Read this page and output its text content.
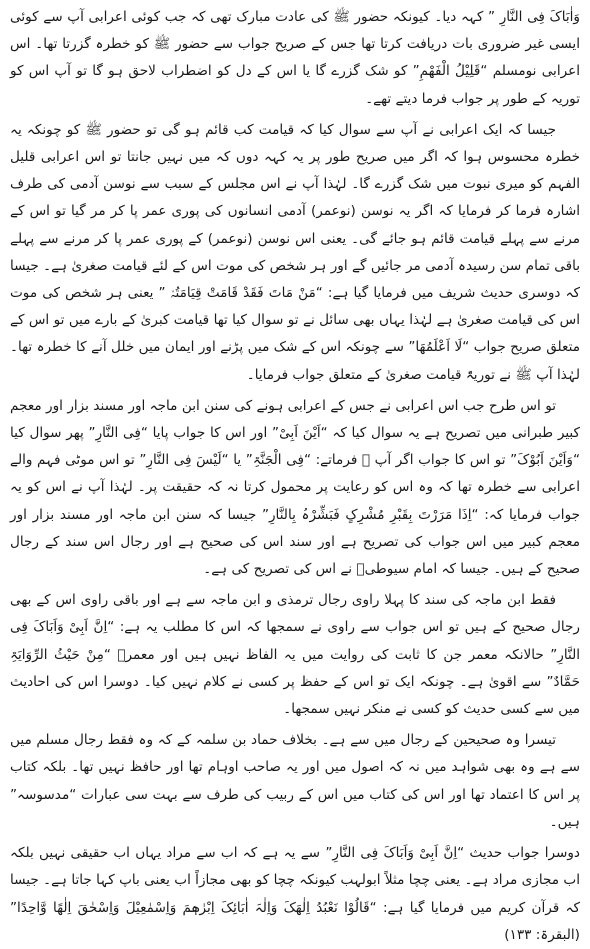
وَاٰبَاکَ فِی النَّارِ ” کہہ دیا۔ کیونکہ حضور ﷺ کی عادت مبارک تھی کہ جب کوئی اعرابی آپ سے کوئی ایسی غیر ضروری بات دریافت کرتا تھا جس کے صریح جواب سے حضور ﷺ کو خطرہ گزرتا تھا۔ اس اعرابی نومسلم “قَلِیْلُ الْفَھْمِ” کو شک گزرے گا یا اس کے دل کو اضطراب لاحق ہو گا تو آپ اس کو توریہ کے طور پر جواب فرما دیتے تھے۔

جیسا کہ ایک اعرابی نے آپ سے سوال کیا کہ قیامت کب قائم ہو گی تو حضور ﷺ کو چونکہ یہ خطرہ محسوس ہوا کہ اگر میں صریح طور پر یہ کہہ دوں کہ میں نہیں جانتا تو اس اعرابی قلیل الفہم کو میری نبوت میں شک گزرے گا۔ لہٰذا آپ نے اس مجلس کے سبب سے نوسن آدمی کی طرف اشارہ فرما کر فرمایا کہ اگر یہ نوسن (نوعمر) آدمی انسانوں کی پوری عمر پا کر مر گیا تو اس کے مرنے سے پہلے قیامت قائم ہو جائے گی۔ یعنی اس نوسن (نوعمر) کے پوری عمر پا کر مرنے سے پہلے باقی تمام سن رسیدہ آدمی مر جائیں گے اور ہر شخص کی موت اس کے لئے قیامت صغریٰ ہے۔ جیسا کہ دوسری حدیث شریف میں فرمایا گیا ہے: “مَنْ مَاتَ فَقَدْ قَامَتْ قِیَامَتُہٗ ” یعنی ہر شخص کی موت اس کی قیامت صغریٰ ہے لہٰذا یہاں بھی سائل نے تو سوال کیا تھا قیامت کبریٰ کے بارے میں تو اس کے متعلق صریح جواب “لَا اَعْلَمُھَا” سے چونکہ اس کے شک میں پڑنے اور ایمان میں خلل آنے کا خطرہ تھا۔ لہٰذا آپ ﷺ نے توریۃً قیامت صغریٰ کے متعلق جواب فرمایا۔

تو اس طرح جب اس اعرابی نے جس کے اعرابی ہونے کی سنن ابن ماجہ اور مسند بزار اور معجم کبیر طبرانی میں تصریح ہے یہ سوال کیا کہ “اَیْنَ اَبِیْ” اور اس کا جواب پایا “فِی النَّارِ” پھر سوال کیا “وَاَیْنَ اَبُوْکَ” تو اس کا جواب اگر آپ ﷺ فرماتے: “فِی الْجَنَّۃِ” یا “لَیْسَ فِی النَّارِ” تو اس موٹی فہم والے اعرابی سے خطرہ تھا کہ وہ اس کو رعایت پر محمول کرتا نہ کہ حقیقت پر۔ لہٰذا آپ نے اس کو یہ جواب فرمایا کہ: “اِذَا مَرَرْتَ بِقَبْرِ مُشْرِکٍ فَبَشِّرْہُ بِالنَّارِ” جیسا کہ سنن ابن ماجہ اور مسند بزار اور معجم کبیر میں اس جواب کی تصریح ہے اور سند اس کی صحیح ہے اور رجال اس سند کے رجال صحیح کے ہیں۔ جیسا کہ امام سیوطیؒ نے اس کی تصریح کی ہے۔

فقط ابن ماجہ کی سند کا پہلا راوی رجال ترمذی و ابن ماجہ سے ہے اور باقی راوی اس کے بھی رجال صحیح کے ہیں تو اس جواب سے راوی نے سمجھا کہ اس کا مطلب یہ ہے: “اِنَّ اَبِیْ وَاَبَاکَ فِی النَّارِ” حالانکہ معمر جن کا ثابت کی روایت میں یہ الفاظ نہیں ہیں اور معمرؒ “مِنْ حَیْثُ الرِّوَایَۃِ حَمَّادٌ” سے اقویٰ ہے۔ چونکہ ایک تو اس کے حفظ پر کسی نے کلام نہیں کیا۔ دوسرا اس کی احادیث میں سے کسی حدیث کو کسی نے منکر نہیں سمجھا۔

تیسرا وہ صحیحین کے رجال میں سے ہے۔ بخلاف حماد بن سلمہ کے کہ وہ فقط رجال مسلم میں سے ہے وہ بھی شواہد میں نہ کہ اصول میں اور یہ صاحب اوہام تھا اور حافظ نہیں تھا۔ بلکہ کتاب پر اس کا اعتماد تھا اور اس کی کتاب میں اس کے ربیب کی طرف سے بہت سی عبارات “مدسوسہ” ہیں۔

دوسرا جواب حدیث “اِنَّ اَبِیْ وَاَبَاکَ فِی النَّارِ” سے یہ ہے کہ اب سے مراد یہاں اب حقیقی نہیں بلکہ اب مجازی مراد ہے۔ یعنی چچا مثلاً ابولہب کیونکہ چچا کو بھی مجازاً اب یعنی باپ کہا جاتا ہے۔ جیسا کہ قرآن کریم میں فرمایا گیا ہے: “قَالُوْا نَعْبُدُ اِلٰھَکَ وَاِلٰہَ اٰبَائِکَ اِبْرٰھٖمَ وَاِسْمٰعِیْلَ وَاِسْحٰقَ اِلٰھًا وَّاحِدًا” (البقرۃ: ۱۳۳)
